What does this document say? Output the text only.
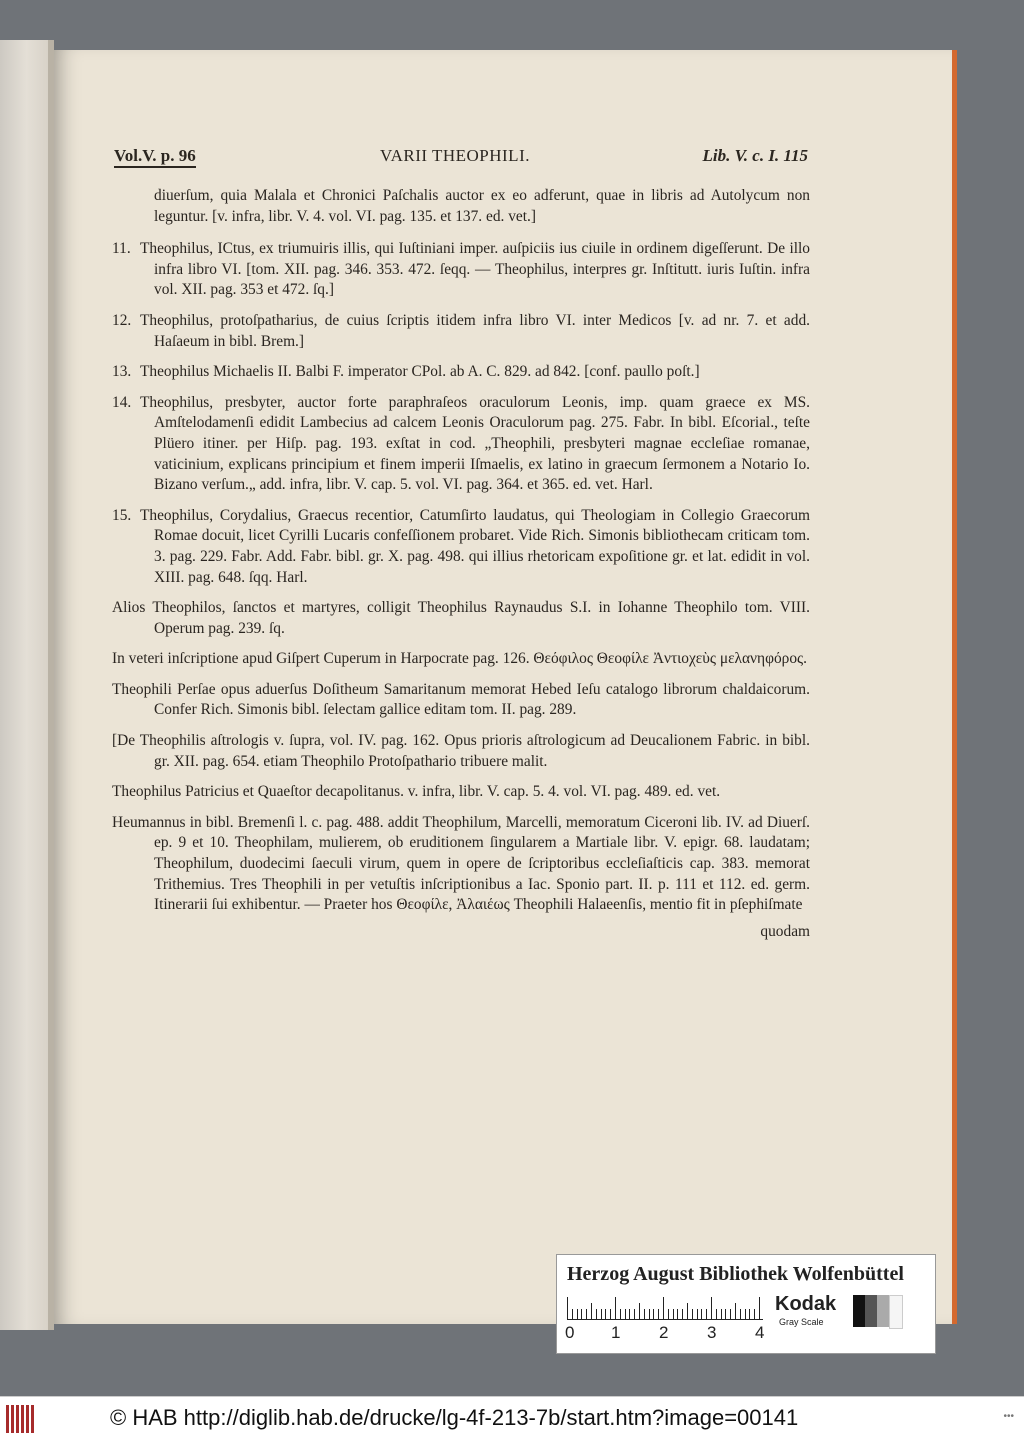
Vol.V. p. 96	VARII THEOPHILI.	Lib. V. c. I. 115

diuerſum, quia Malala et Chronici Paſchalis auctor ex eo adferunt, quae in libris ad Autolycum non leguntur. [v. infra, libr. V. 4. vol. VI. pag. 135. et 137. ed. vet.]

11. Theophilus, ICtus, ex triumuiris illis, qui Iuſtiniani imper. auſpiciis ius ciuile in ordinem digeſſerunt. De illo infra libro VI. [tom. XII. pag. 346. 353. 472. ſeqq. — Theophilus, interpres gr. Inſtitutt. iuris Iuſtin. infra vol. XII. pag. 353 et 472. ſq.]

12. Theophilus, protoſpatharius, de cuius ſcriptis itidem infra libro VI. inter Medicos [v. ad nr. 7. et add. Haſaeum in bibl. Brem.]

13. Theophilus Michaelis II. Balbi F. imperator CPol. ab A. C. 829. ad 842. [conf. paullo poſt.]

14. Theophilus, presbyter, auctor forte paraphraſeos oraculorum Leonis, imp. quam graece ex MS. Amſtelodamenſi edidit Lambecius ad calcem Leonis Oraculorum pag. 275. Fabr. In bibl. Eſcorial., teſte Plüero itiner. per Hiſp. pag. 193. exſtat in cod. „Theophili, presbyteri magnae eccleſiae romanae, vaticinium, explicans principium et finem imperii Iſmaelis, ex latino in graecum ſermonem a Notario Io. Bizano verſum.„ add. infra, libr. V. cap. 5. vol. VI. pag. 364. et 365. ed. vet. Harl.

15. Theophilus, Corydalius, Graecus recentior, Catumſirto laudatus, qui Theologiam in Collegio Graecorum Romae docuit, licet Cyrilli Lucaris confeſſionem probaret. Vide Rich. Simonis bibliothecam criticam tom. 3. pag. 229. Fabr. Add. Fabr. bibl. gr. X. pag. 498. qui illius rhetoricam expoſitione gr. et lat. edidit in vol. XIII. pag. 648. ſqq. Harl.

Alios Theophilos, ſanctos et martyres, colligit Theophilus Raynaudus S.I. in Iohanne Theophilo tom. VIII. Operum pag. 239. ſq.

In veteri inſcriptione apud Giſpert Cuperum in Harpocrate pag. 126. Θεόφιλος Θεοφίλε Ἀντιοχεὺς μελανηφόρος.

Theophili Perſae opus aduerſus Doſitheum Samaritanum memorat Hebed Ieſu catalogo librorum chaldaicorum. Confer Rich. Simonis bibl. ſelectam gallice editam tom. II. pag. 289.

[De Theophilis aſtrologis v. ſupra, vol. IV. pag. 162. Opus prioris aſtrologicum ad Deucalionem Fabric. in bibl. gr. XII. pag. 654. etiam Theophilo Protoſpathario tribuere malit.

Theophilus Patricius et Quaeſtor decapolitanus. v. infra, libr. V. cap. 5. 4. vol. VI. pag. 489. ed. vet.

Heumannus in bibl. Bremenſi l. c. pag. 488. addit Theophilum, Marcelli, memoratum Ciceroni lib. IV. ad Diuerſ. ep. 9 et 10. Theophilam, mulierem, ob eruditionem ſingularem a Martiale libr. V. epigr. 68. laudatam; Theophilum, duodecimi ſaeculi virum, quem in opere de ſcriptoribus eccleſiaſticis cap. 383. memorat Trithemius. Tres Theophili in per vetuſtis inſcriptionibus a Iac. Sponio part. II. p. 111 et 112. ed. germ. Itinerarii ſui exhibentur. — Praeter hos Θεοφίλε, Ἀλαιέως Theophili Halaeenſis, mentio fit in pſephiſmate

quodam
Herzog August Bibliothek Wolfenbüttel
0 1 2 3 4
Kodak
Gray Scale
© HAB http://diglib.hab.de/drucke/lg-4f-213-7b/start.htm?image=00141	•••
